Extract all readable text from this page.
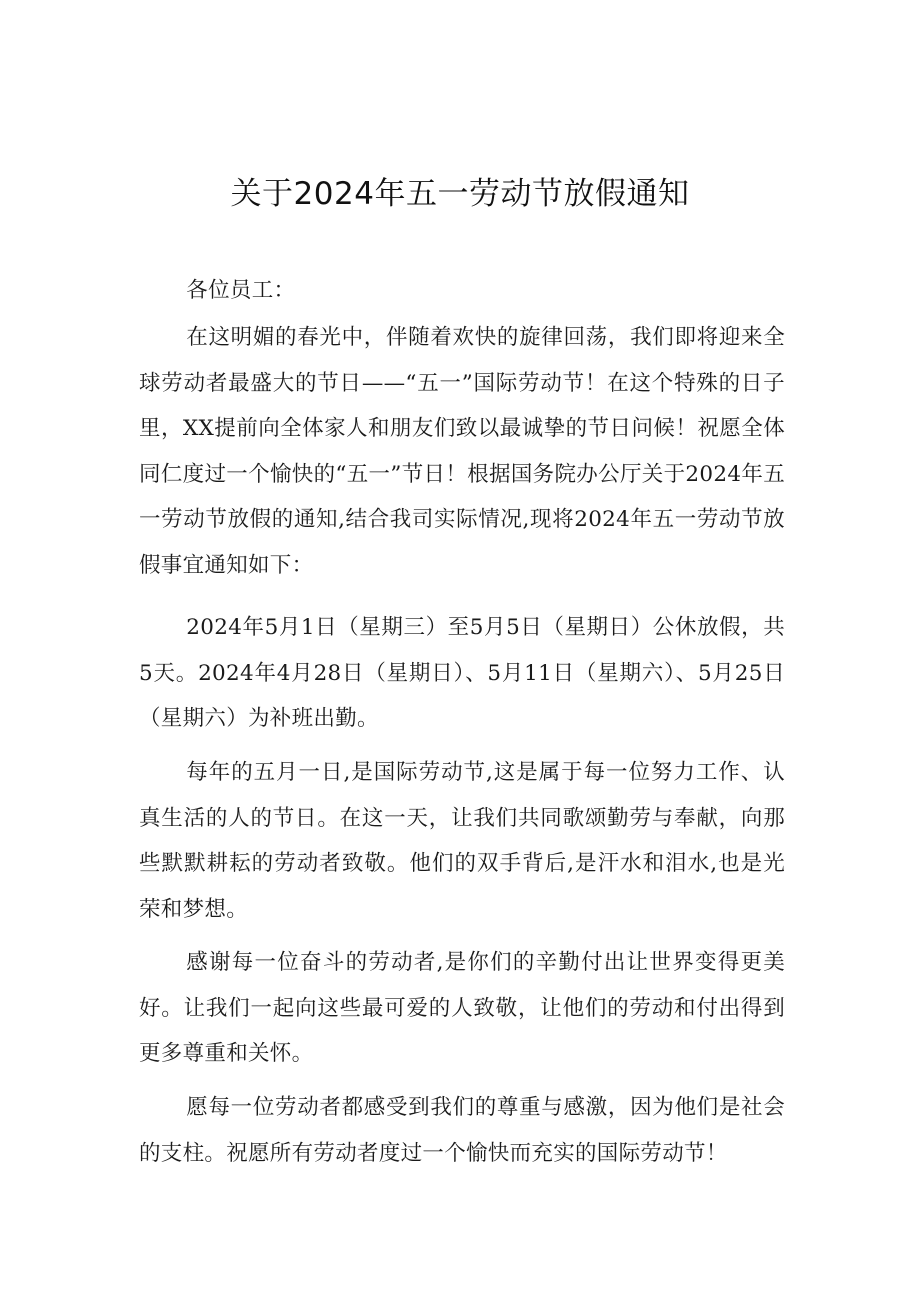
关于2024年五一劳动节放假通知

各位员工：

在这明媚的春光中，伴随着欢快的旋律回荡，我们即将迎来全球劳动者最盛大的节日——“五一”国际劳动节！在这个特殊的日子里，XX提前向全体家人和朋友们致以最诚挚的节日问候！祝愿全体同仁度过一个愉快的“五一”节日！根据国务院办公厅关于2024年五一劳动节放假的通知,结合我司实际情况,现将2024年五一劳动节放假事宜通知如下：

2024年5月1日（星期三）至5月5日（星期日）公休放假，共5天。2024年4月28日（星期日）、5月11日（星期六）、5月25日（星期六）为补班出勤。

每年的五月一日,是国际劳动节,这是属于每一位努力工作、认真生活的人的节日。在这一天，让我们共同歌颂勤劳与奉献，向那些默默耕耘的劳动者致敬。他们的双手背后,是汗水和泪水,也是光荣和梦想。

感谢每一位奋斗的劳动者,是你们的辛勤付出让世界变得更美好。让我们一起向这些最可爱的人致敬，让他们的劳动和付出得到更多尊重和关怀。

愿每一位劳动者都感受到我们的尊重与感激，因为他们是社会的支柱。祝愿所有劳动者度过一个愉快而充实的国际劳动节！
